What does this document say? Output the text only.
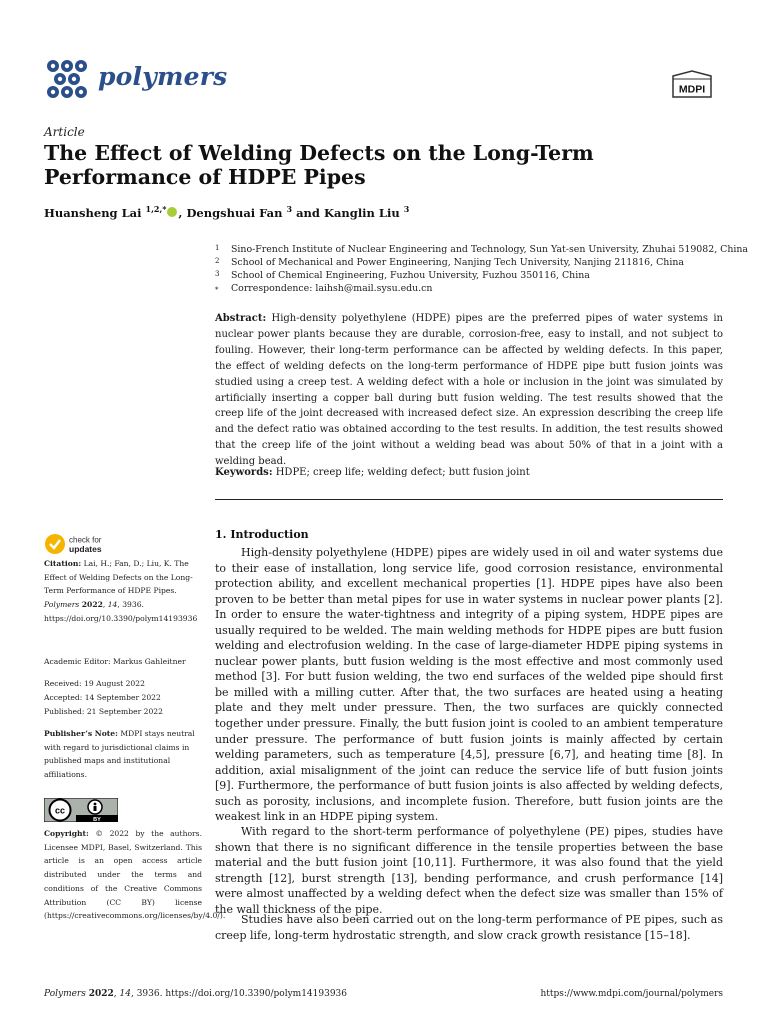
polymers	MDPI
Article
The Effect of Welding Defects on the Long-Term Performance of HDPE Pipes
Huansheng Lai $^{1,2,*}$ , Dengshuai Fan $^3$ and Kanglin Liu $^3$
1 Sino-French Institute of Nuclear Engineering and Technology, Sun Yat-sen University, Zhuhai 519082, China
2 School of Mechanical and Power Engineering, Nanjing Tech University, Nanjing 211816, China
3 School of Chemical Engineering, Fuzhou University, Fuzhou 350116, China
* Correspondence: laihsh@mail.sysu.edu.cn
Abstract: High-density polyethylene (HDPE) pipes are the preferred pipes of water systems in nuclear power plants because they are durable, corrosion-free, easy to install, and not subject to fouling. However, their long-term performance can be affected by welding defects. In this paper, the effect of welding defects on the long-term performance of HDPE pipe butt fusion joints was studied using a creep test. A welding defect with a hole or inclusion in the joint was simulated by artificially inserting a copper ball during butt fusion welding. The test results showed that the creep life of the joint decreased with increased defect size. An expression describing the creep life and the defect ratio was obtained according to the test results. In addition, the test results showed that the creep life of the joint without a welding bead was about 50% of that in a joint with a welding bead.
Keywords: HDPE; creep life; welding defect; butt fusion joint
check for
updates
Citation: Lai, H.; Fan, D.; Liu, K. The Effect of Welding Defects on the Long-Term Performance of HDPE Pipes. Polymers 2022, 14, 3936. https://doi.org/10.3390/polym14193936
Academic Editor: Markus Gahleitner
Received: 19 August 2022
Accepted: 14 September 2022
Published: 21 September 2022
Publisher’s Note: MDPI stays neutral with regard to jurisdictional claims in published maps and institutional affiliations.
cc
BY
Copyright: © 2022 by the authors. Licensee MDPI, Basel, Switzerland. This article is an open access article distributed under the terms and conditions of the Creative Commons Attribution (CC BY) license (https://creativecommons.org/licenses/by/4.0/).
1. Introduction
High-density polyethylene (HDPE) pipes are widely used in oil and water systems due to their ease of installation, long service life, good corrosion resistance, environmental protection ability, and excellent mechanical properties [1]. HDPE pipes have also been proven to be better than metal pipes for use in water systems in nuclear power plants [2]. In order to ensure the water-tightness and integrity of a piping system, HDPE pipes are usually required to be welded. The main welding methods for HDPE pipes are butt fusion welding and electrofusion welding. In the case of large-diameter HDPE piping systems in nuclear power plants, butt fusion welding is the most effective and most commonly used method [3]. For butt fusion welding, the two end surfaces of the welded pipe should first be milled with a milling cutter. After that, the two surfaces are heated using a heating plate and they melt under pressure. Then, the two surfaces are quickly connected together under pressure. Finally, the butt fusion joint is cooled to an ambient temperature under pressure. The performance of butt fusion joints is mainly affected by certain welding parameters, such as temperature [4,5], pressure [6,7], and heating time [8]. In addition, axial misalignment of the joint can reduce the service life of butt fusion joints [9]. Furthermore, the performance of butt fusion joints is also affected by welding defects, such as porosity, inclusions, and incomplete fusion. Therefore, butt fusion joints are the weakest link in an HDPE piping system.
With regard to the short-term performance of polyethylene (PE) pipes, studies have shown that there is no significant difference in the tensile properties between the base material and the butt fusion joint [10,11]. Furthermore, it was also found that the yield strength [12], burst strength [13], bending performance, and crush performance [14] were almost unaffected by a welding defect when the defect size was smaller than 15% of the wall thickness of the pipe.
Studies have also been carried out on the long-term performance of PE pipes, such as creep life, long-term hydrostatic strength, and slow crack growth resistance [15–18].
Polymers 2022, 14, 3936. https://doi.org/10.3390/polym14193936	https://www.mdpi.com/journal/polymers
